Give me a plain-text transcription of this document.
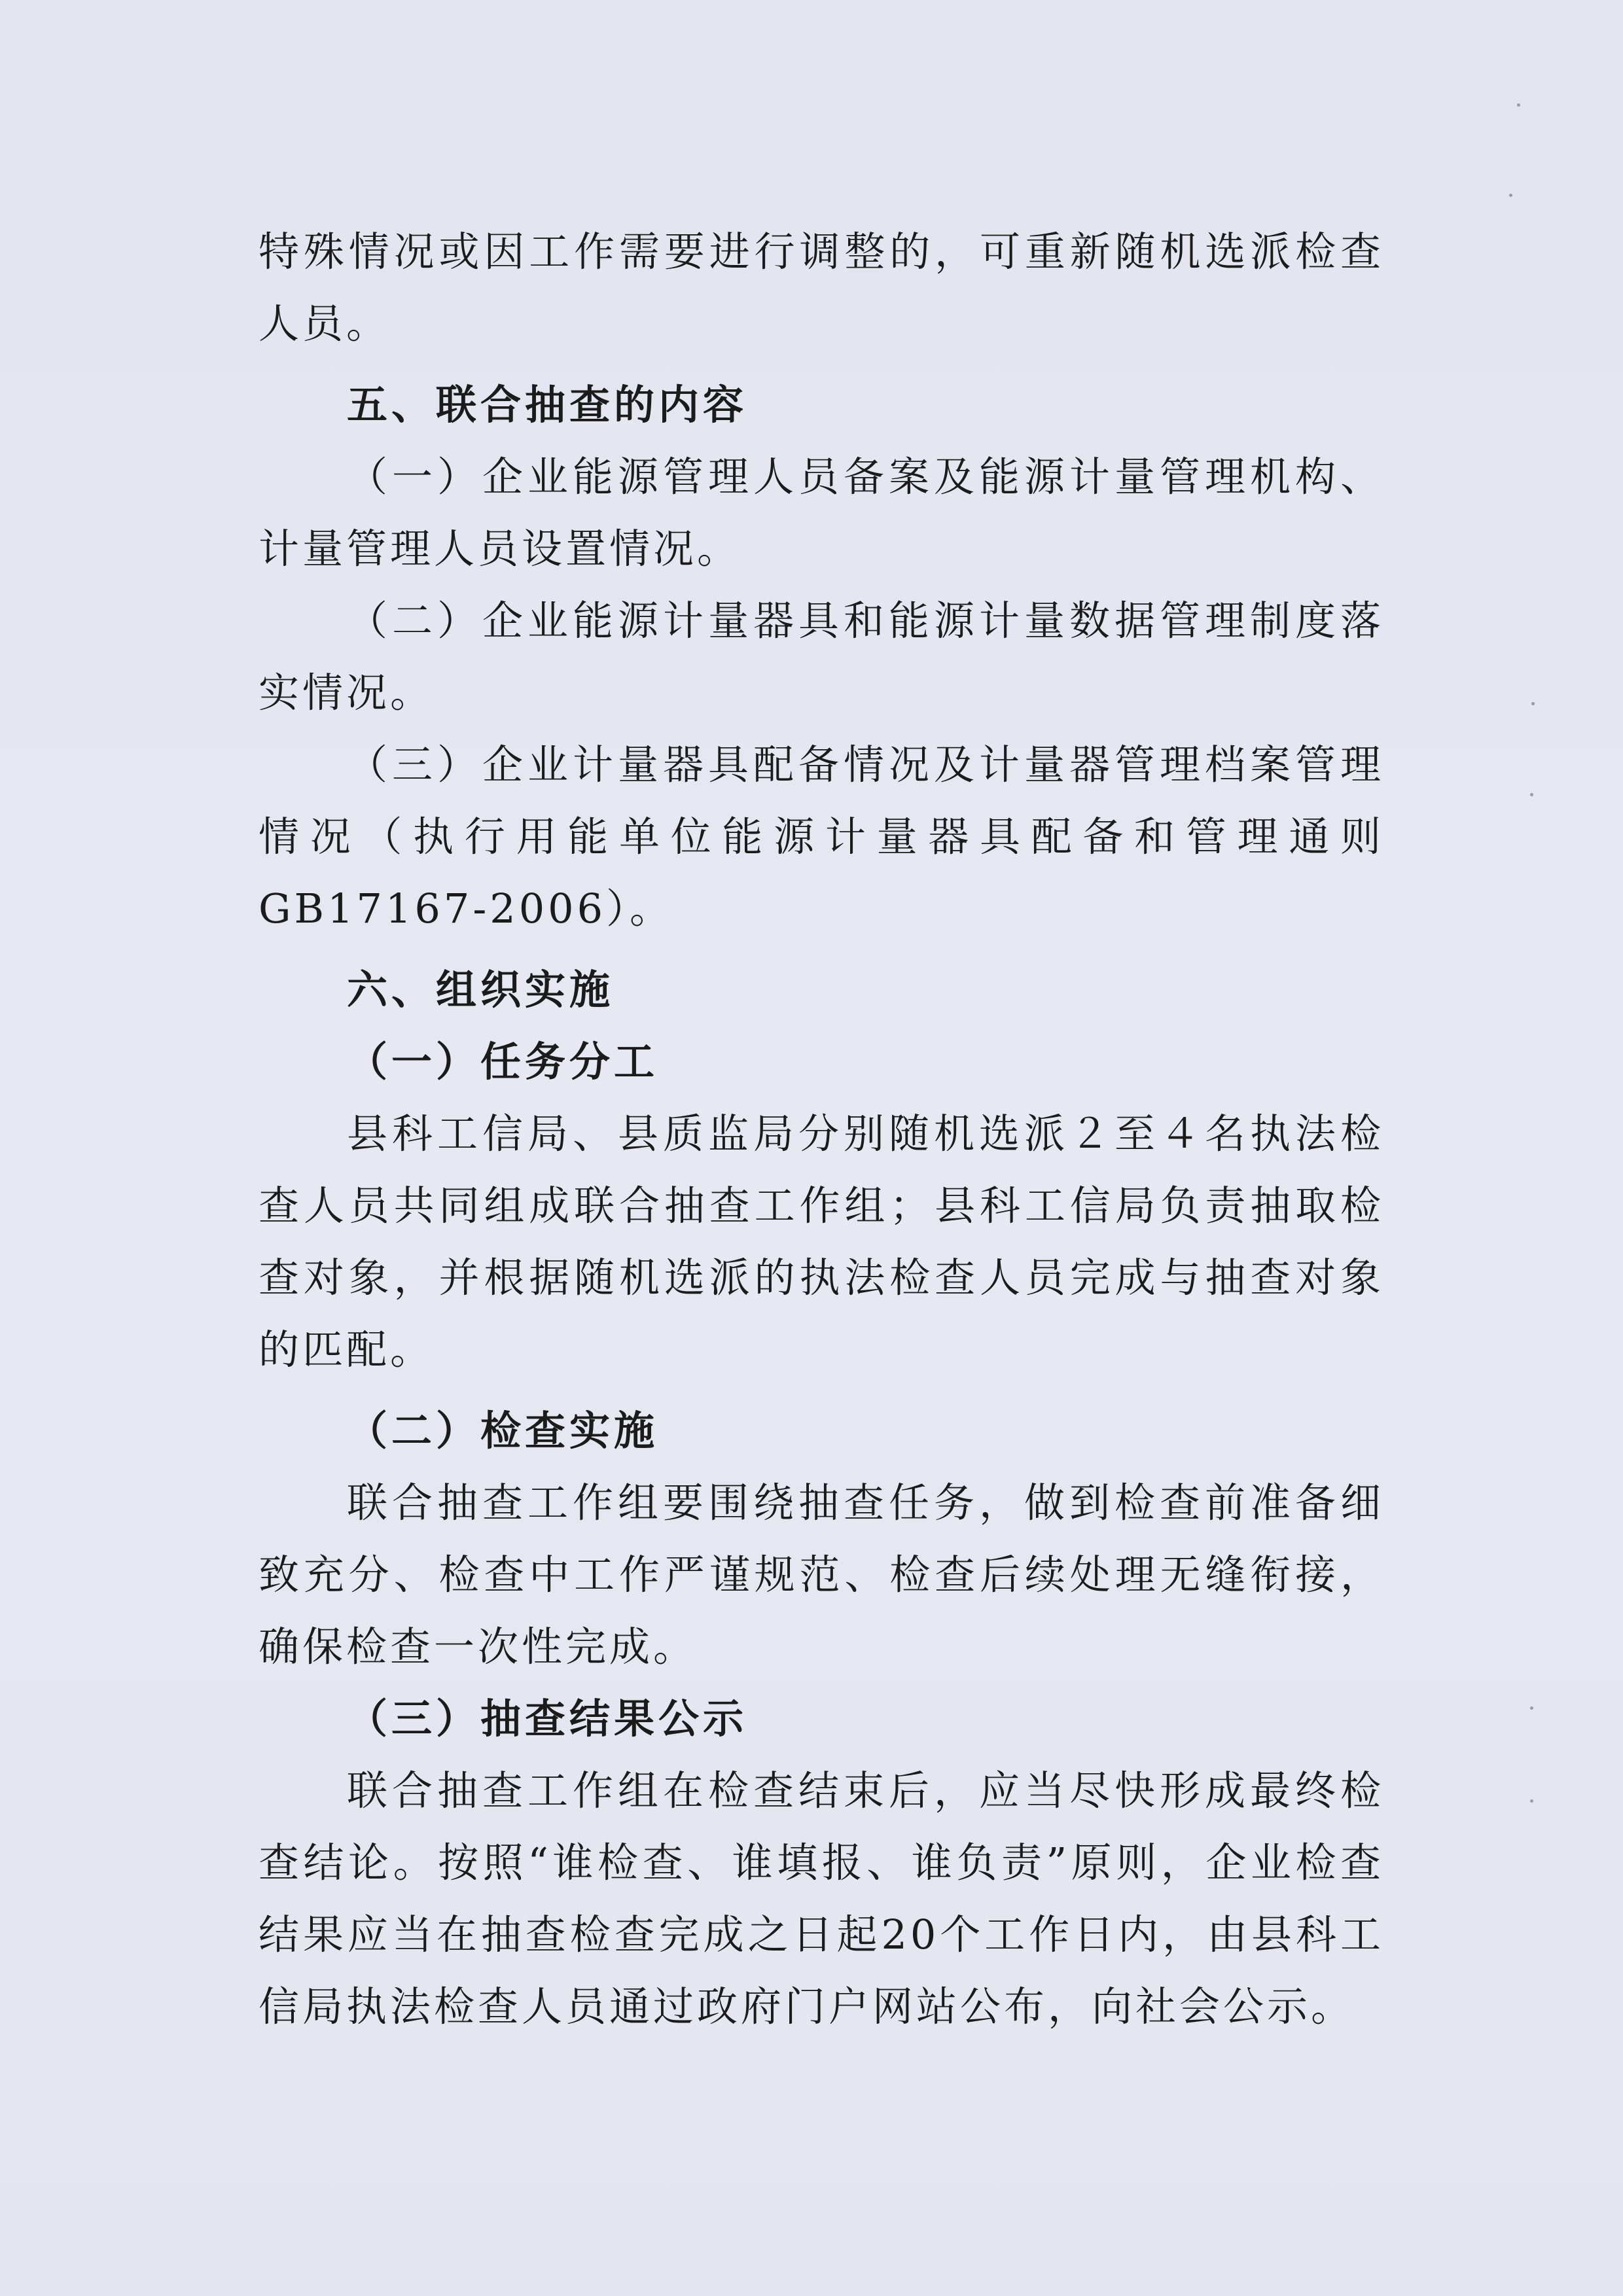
特殊情况或因工作需要进行调整的，可重新随机选派检查人员。

五、联合抽查的内容

（一）企业能源管理人员备案及能源计量管理机构、计量管理人员设置情况。

（二）企业能源计量器具和能源计量数据管理制度落实情况。

（三）企业计量器具配备情况及计量器管理档案管理情况（执行用能单位能源计量器具配备和管理通则GB17167-2006）。

六、组织实施

（一）任务分工

县科工信局、县质监局分别随机选派２至４名执法检查人员共同组成联合抽查工作组；县科工信局负责抽取检查对象，并根据随机选派的执法检查人员完成与抽查对象的匹配。

（二）检查实施

联合抽查工作组要围绕抽查任务，做到检查前准备细致充分、检查中工作严谨规范、检查后续处理无缝衔接，确保检查一次性完成。

（三）抽查结果公示

联合抽查工作组在检查结束后，应当尽快形成最终检查结论。按照“谁检查、谁填报、谁负责”原则，企业检查结果应当在抽查检查完成之日起20个工作日内，由县科工信局执法检查人员通过政府门户网站公布，向社会公示。
